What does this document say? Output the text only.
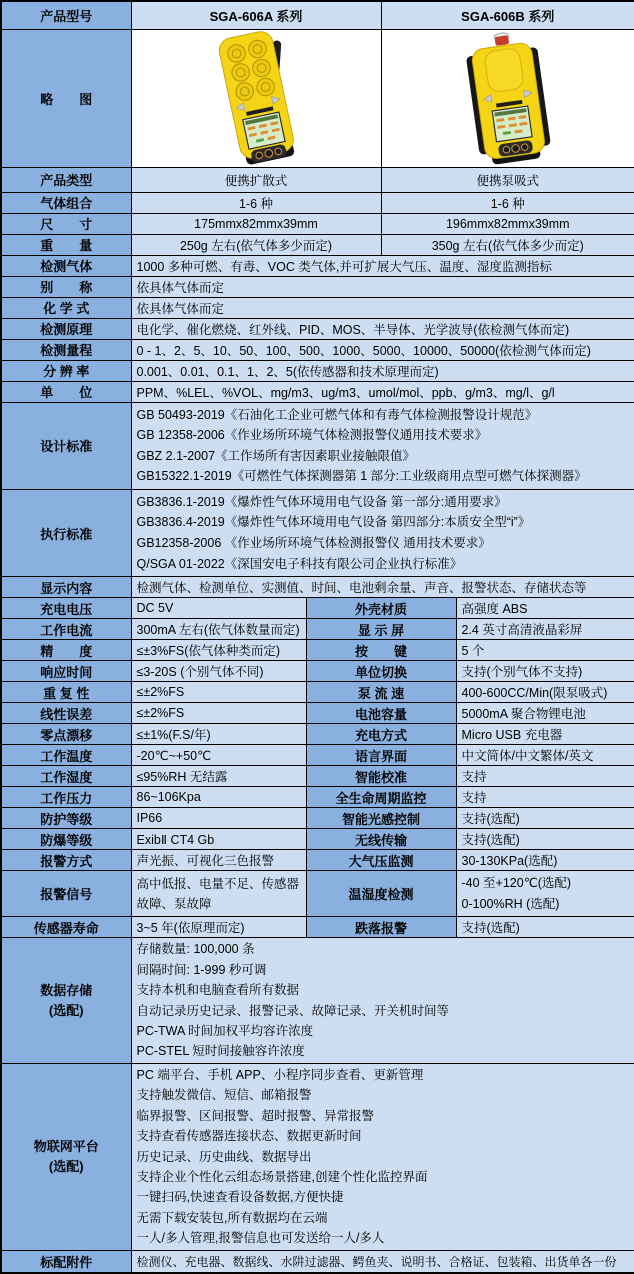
产品型号	SGA-606A 系列		SGA-606B 系列	
略　　图	

产品类型	便携扩散式		便携泵吸式	
气体组合	1-6 种		1-6 种	
尺　　寸	175mmx82mmx39mm		196mmx82mmx39mm	
重　　量	250g 左右(依气体多少而定)		350g 左右(依气体多少而定)	
检测气体	1000 多种可燃、有毒、VOC 类气体,并可扩展大气压、温度、湿度监测指标			
别　　称	依具体气体而定			
化 学 式	依具体气体而定			
检测原理	电化学、催化燃烧、红外线、PID、MOS、半导体、光学波导(依检测气体而定)			
检测量程	0 - 1、2、5、10、50、100、500、1000、5000、10000、50000(依检测气体而定)			
分 辨 率	0.001、0.01、0.1、1、2、5(依传感器和技术原理而定)			
单　　位	PPM、%LEL、%VOL、mg/m3、ug/m3、umol/mol、ppb、g/m3、mg/l、g/l			
设计标准	GB 50493-2019《石油化工企业可燃气体和有毒气体检测报警设计规范》
GB 12358-2006《作业场所环境气体检测报警仪通用技术要求》
GBZ 2.1-2007《工作场所有害因素职业接触限值》
GB15322.1-2019《可燃性气体探测器第 1 部分:工业级商用点型可燃气体探测器》			

执行标准	GB3836.1-2019《爆炸性气体环境用电气设备 第一部分:通用要求》
GB3836.4-2019《爆炸性气体环境用电气设备 第四部分:本质安全型“i”》
GB12358-2006 《作业场所环境气体检测报警仪 通用技术要求》
Q/SGA 01-2022《深国安电子科技有限公司企业执行标准》			

显示内容	检测气体、检测单位、实测值、时间、电池剩余量、声音、报警状态、存储状态等			
充电电压	DC 5V	外壳材质		高强度 ABS
工作电流	300mA 左右(依气体数量而定)	显 示 屏		2.4 英寸高清液晶彩屏
精　　度	≤±3%FS(依气体种类而定)	按　　键		5 个
响应时间	≤3-20S (个别气体不同)	单位切换		支持(个别气体不支持)
重 复 性	≤±2%FS	泵 流 速		400-600CC/Min(限泵吸式)
线性误差	≤±2%FS	电池容量		5000mA 聚合物锂电池
零点漂移	≤±1%(F.S/年)	充电方式		Micro USB 充电器
工作温度	-20℃~+50℃	语言界面		中文简体/中文繁体/英文
工作湿度	≤95%RH 无结露	智能校准		支持
工作压力	86~106Kpa	全生命周期监控		支持
防护等级	IP66	智能光感控制		支持(选配)
防爆等级	ExibⅡ CT4 Gb	无线传输		支持(选配)
报警方式	声光振、可视化三色报警	大气压监测		30-130KPa(选配)
报警信号	高中低报、电量不足、传感器故障、泵故障	温湿度检测		-40 至+120℃(选配)
0-100%RH (选配)

传感器寿命	3~5 年(依原理而定)	跌落报警		支持(选配)

数据存储
(选配)

存储数量: 100,000 条
间隔时间: 1-999 秒可调
支持本机和电脑查看所有数据
自动记录历史记录、报警记录、故障记录、开关机时间等
PC-TWA 时间加权平均容许浓度
PC-STEL 短时间接触容许浓度

物联网平台
(选配)

PC 端平台、手机 APP、小程序同步查看、更新管理
支持触发微信、短信、邮箱报警
临界报警、区间报警、超时报警、异常报警
支持查看传感器连接状态、数据更新时间
历史记录、历史曲线、数据导出
支持企业个性化云组态场景搭建,创建个性化监控界面
一键扫码,快速查看设备数据,方便快捷
无需下载安装包,所有数据均在云端
一人/多人管理,报警信息也可发送给一人/多人

标配附件	检测仪、充电器、数据线、水阱过滤器、鳄鱼夹、说明书、合格证、包装箱、出货单各一份			
